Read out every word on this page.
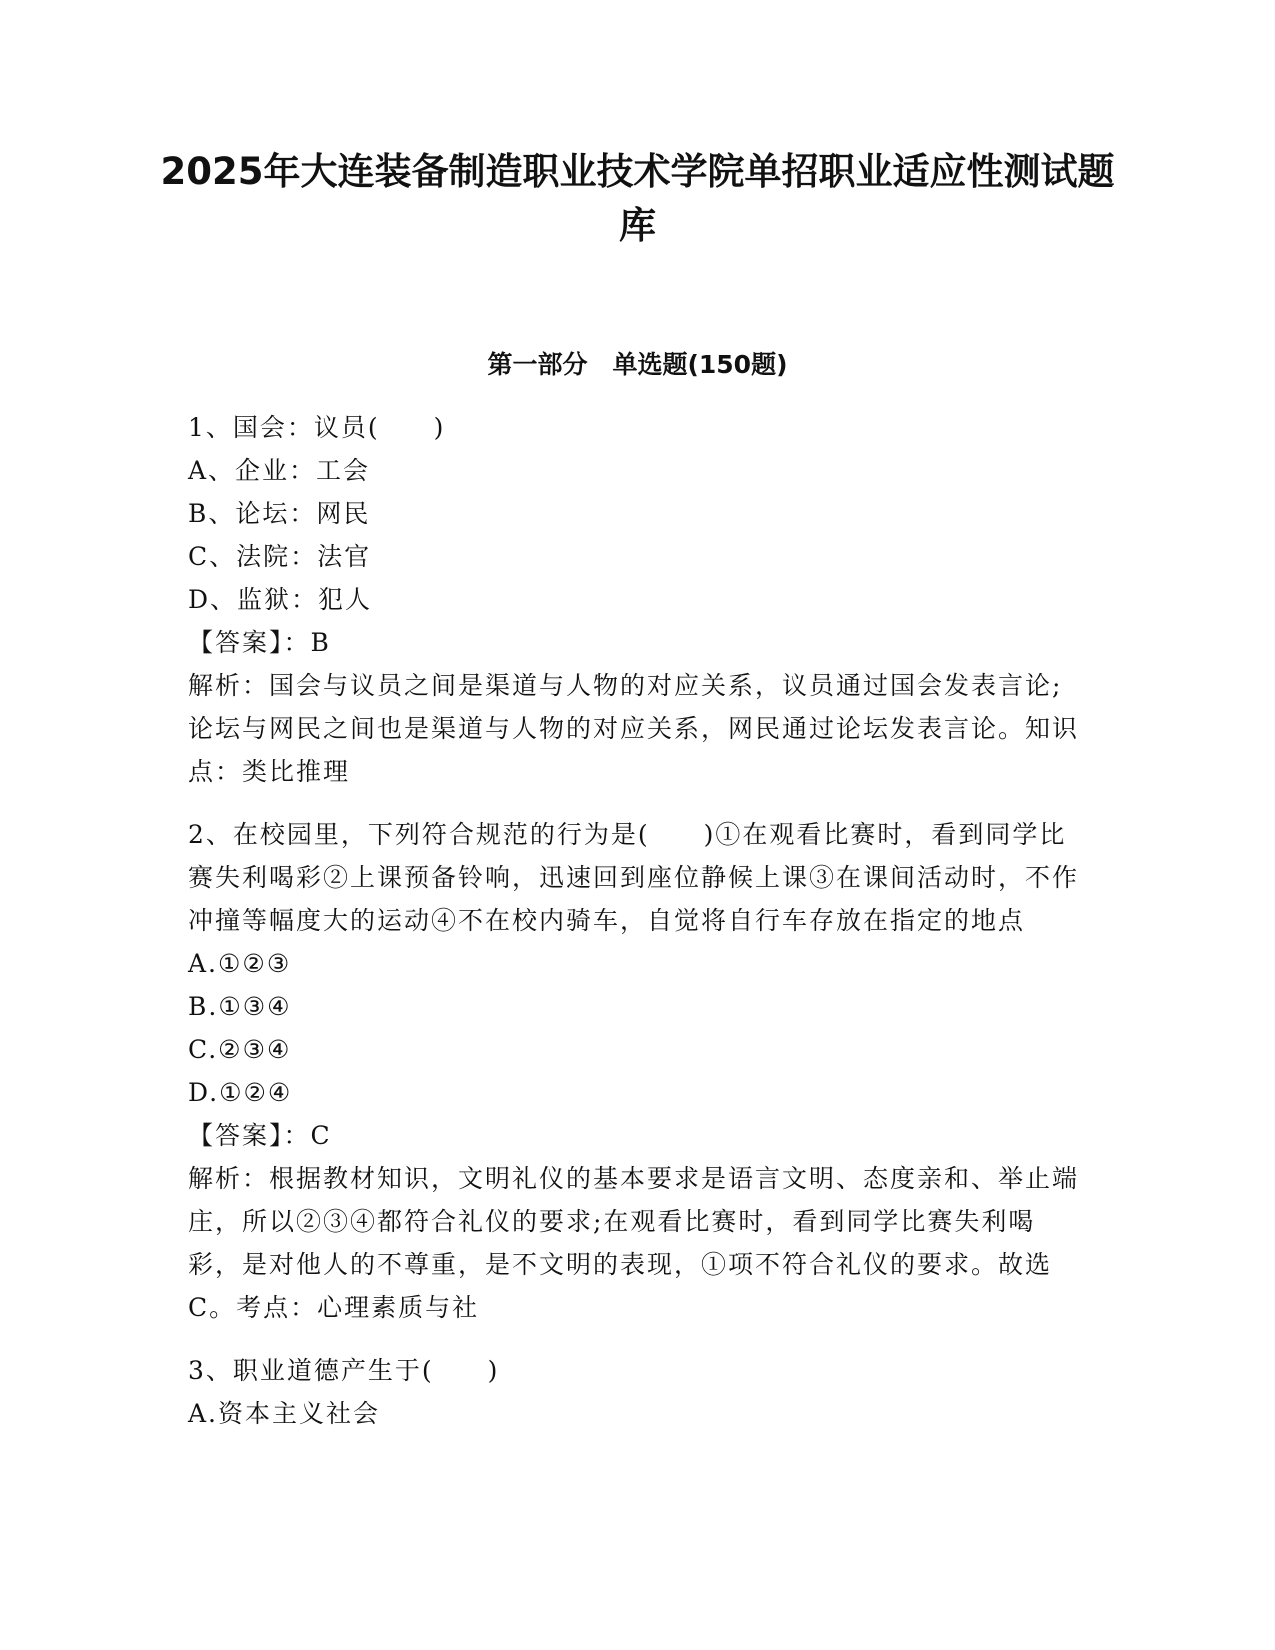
2025年大连装备制造职业技术学院单招职业适应性测试题库
第一部分　单选题(150题)

1、国会：议员(　　)

A、企业：工会

B、论坛：网民

C、法院：法官

D、监狱：犯人

【答案】：B

解析：国会与议员之间是渠道与人物的对应关系，议员通过国会发表言论;论坛与网民之间也是渠道与人物的对应关系，网民通过论坛发表言论。知识点：类比推理

2、在校园里，下列符合规范的行为是(　　)①在观看比赛时，看到同学比赛失利喝彩②上课预备铃响，迅速回到座位静候上课③在课间活动时，不作冲撞等幅度大的运动④不在校内骑车，自觉将自行车存放在指定的地点

A.①②③

B.①③④

C.②③④

D.①②④

【答案】：C

解析：根据教材知识，文明礼仪的基本要求是语言文明、态度亲和、举止端庄，所以②③④都符合礼仪的要求;在观看比赛时，看到同学比赛失利喝彩，是对他人的不尊重，是不文明的表现，①项不符合礼仪的要求。故选C。考点：心理素质与社

3、职业道德产生于(　　)

A.资本主义社会
